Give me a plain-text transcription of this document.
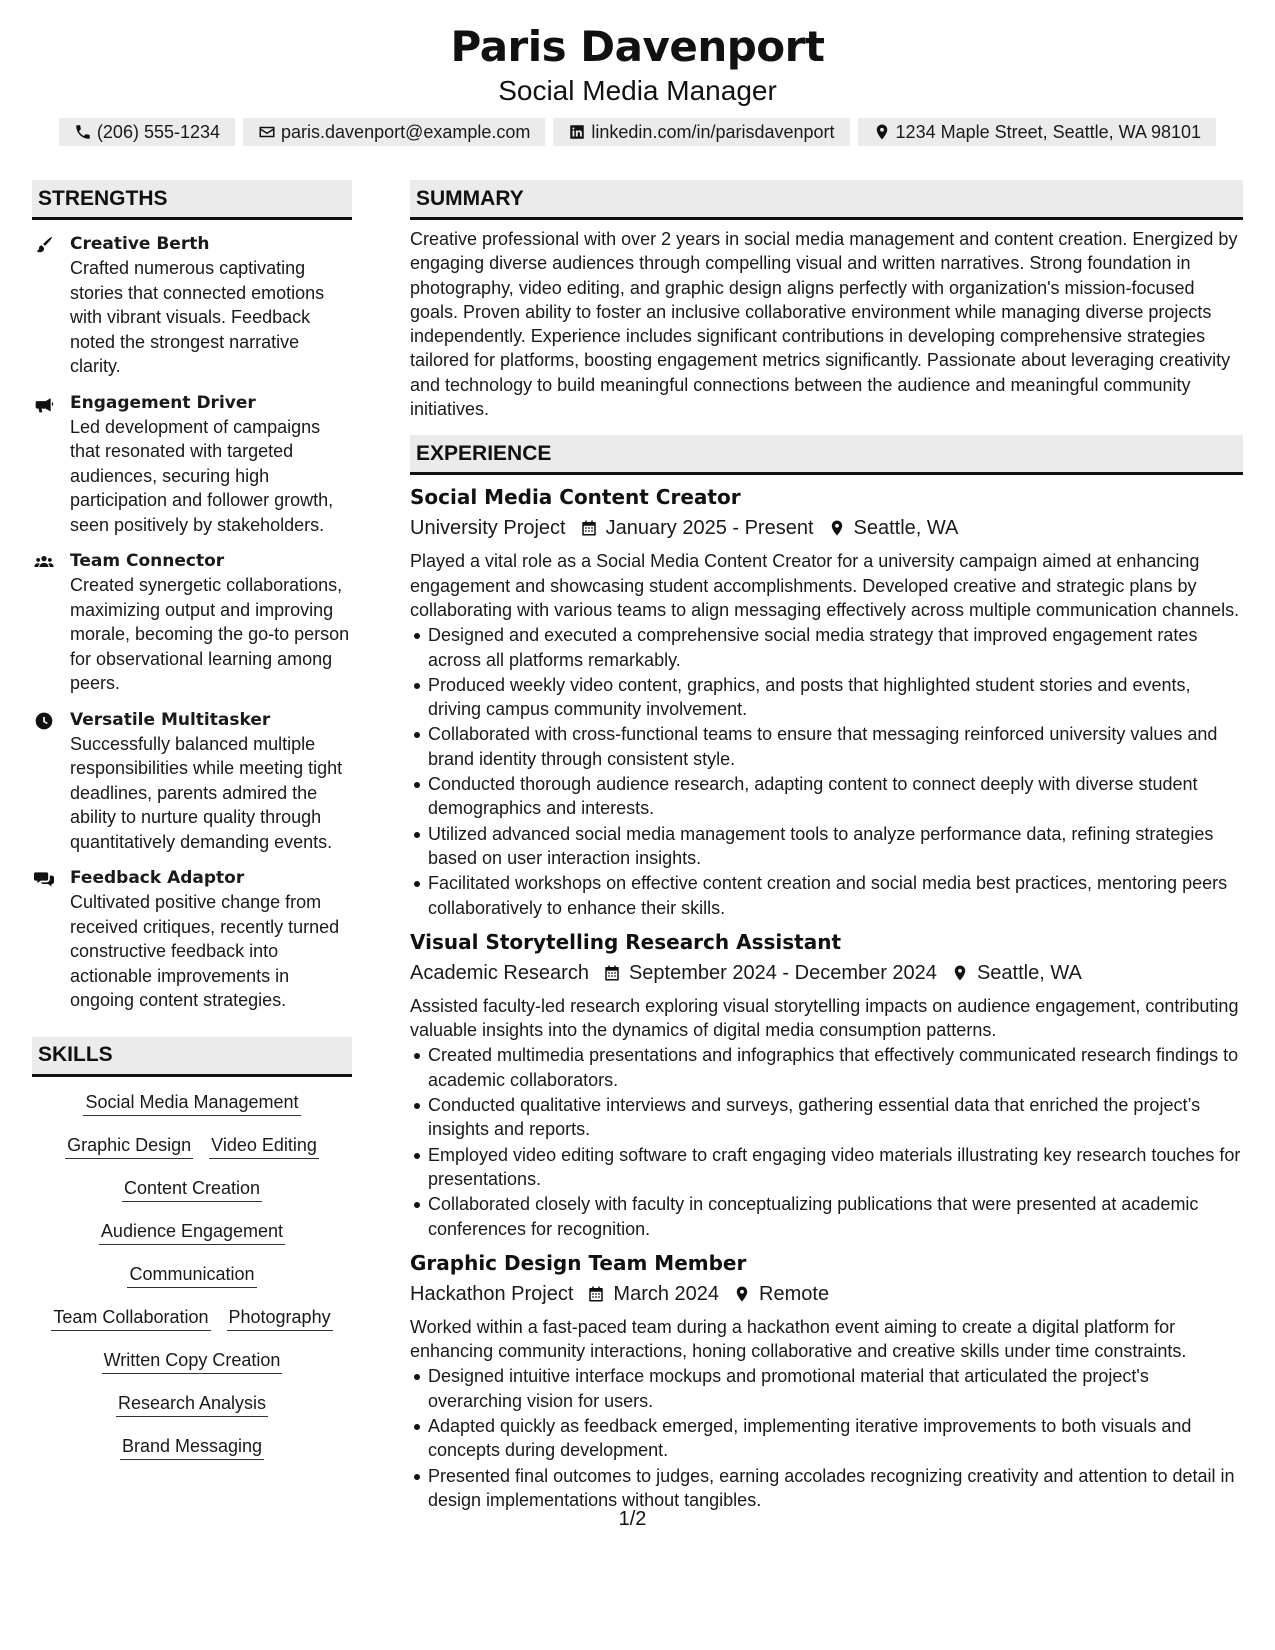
Paris Davenport
Social Media Manager
(206) 555-1234	paris.davenport@example.com	linkedin.com/in/parisdavenport	1234 Maple Street, Seattle, WA 98101
STRENGTHS
Creative Berth
Crafted numerous captivating stories that connected emotions with vibrant visuals. Feedback noted the strongest narrative clarity.
Engagement Driver
Led development of campaigns that resonated with targeted audiences, securing high participation and follower growth, seen positively by stakeholders.
Team Connector
Created synergetic collaborations, maximizing output and improving morale, becoming the go-to person for observational learning among peers.
Versatile Multitasker
Successfully balanced multiple responsibilities while meeting tight deadlines, parents admired the ability to nurture quality through quantitatively demanding events.
Feedback Adaptor
Cultivated positive change from received critiques, recently turned constructive feedback into actionable improvements in ongoing content strategies.
SKILLS
Social Media Management
Graphic Design Video Editing
Content Creation
Audience Engagement
Communication
Team Collaboration Photography
Written Copy Creation
Research Analysis
Brand Messaging
SUMMARY
Creative professional with over 2 years in social media management and content creation. Energized by engaging diverse audiences through compelling visual and written narratives. Strong foundation in photography, video editing, and graphic design aligns perfectly with organization's mission-focused goals. Proven ability to foster an inclusive collaborative environment while managing diverse projects independently. Experience includes significant contributions in developing comprehensive strategies tailored for platforms, boosting engagement metrics significantly. Passionate about leveraging creativity and technology to build meaningful connections between the audience and meaningful community initiatives.
EXPERIENCE
Social Media Content Creator
University Project January 2025 - Present Seattle, WA
Played a vital role as a Social Media Content Creator for a university campaign aimed at enhancing engagement and showcasing student accomplishments. Developed creative and strategic plans by collaborating with various teams to align messaging effectively across multiple communication channels.
Designed and executed a comprehensive social media strategy that improved engagement rates across all platforms remarkably.
Produced weekly video content, graphics, and posts that highlighted student stories and events, driving campus community involvement.
Collaborated with cross-functional teams to ensure that messaging reinforced university values and brand identity through consistent style.
Conducted thorough audience research, adapting content to connect deeply with diverse student demographics and interests.
Utilized advanced social media management tools to analyze performance data, refining strategies based on user interaction insights.
Facilitated workshops on effective content creation and social media best practices, mentoring peers collaboratively to enhance their skills.
Visual Storytelling Research Assistant
Academic Research September 2024 - December 2024 Seattle, WA
Assisted faculty-led research exploring visual storytelling impacts on audience engagement, contributing valuable insights into the dynamics of digital media consumption patterns.
Created multimedia presentations and infographics that effectively communicated research findings to academic collaborators.
Conducted qualitative interviews and surveys, gathering essential data that enriched the project’s insights and reports.
Employed video editing software to craft engaging video materials illustrating key research touches for presentations.
Collaborated closely with faculty in conceptualizing publications that were presented at academic conferences for recognition.
Graphic Design Team Member
Hackathon Project March 2024 Remote
Worked within a fast-paced team during a hackathon event aiming to create a digital platform for enhancing community interactions, honing collaborative and creative skills under time constraints.
Designed intuitive interface mockups and promotional material that articulated the project's overarching vision for users.
Adapted quickly as feedback emerged, implementing iterative improvements to both visuals and concepts during development.
Presented final outcomes to judges, earning accolades recognizing creativity and attention to detail in design implementations without tangibles.
1/2
